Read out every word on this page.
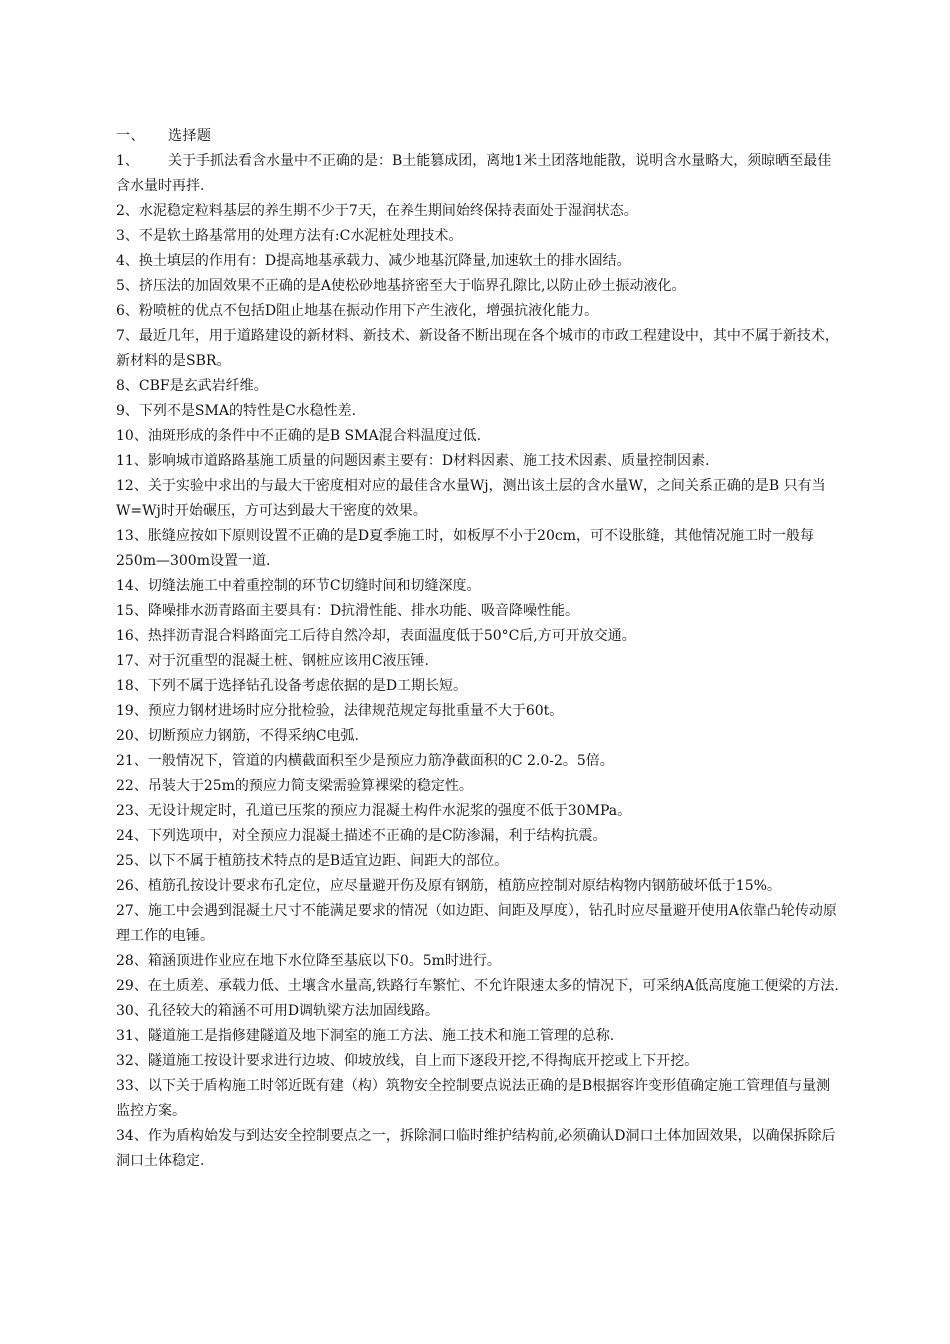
一、 选择题

1、 关于手抓法看含水量中不正确的是：B土能篡成团，离地1米土团落地能散，说明含水量略大，须晾晒至最佳含水量时再拌.

2、水泥稳定粒料基层的养生期不少于7天，在养生期间始终保持表面处于湿润状态。

3、不是软土路基常用的处理方法有:C水泥桩处理技术。

4、换土填层的作用有：D提高地基承载力、减少地基沉降量,加速软土的排水固结。

5、挤压法的加固效果不正确的是A使松砂地基挤密至大于临界孔隙比,以防止砂土振动液化。

6、粉喷桩的优点不包括D阻止地基在振动作用下产生液化，增强抗液化能力。

7、最近几年，用于道路建设的新材料、新技术、新设备不断出现在各个城市的市政工程建设中，其中不属于新技术，新材料的是SBR。

8、CBF是玄武岩纤维。

9、下列不是SMA的特性是C水稳性差.

10、油斑形成的条件中不正确的是B SMA混合料温度过低.

11、影响城市道路路基施工质量的问题因素主要有：D材料因素、施工技术因素、质量控制因素.

12、关于实验中求出的与最大干密度相对应的最佳含水量Wj，测出该土层的含水量W，之间关系正确的是B 只有当W=Wj时开始碾压，方可达到最大干密度的效果。

13、胀缝应按如下原则设置不正确的是D夏季施工时，如板厚不小于20cm，可不设胀缝，其他情况施工时一般每250m—300m设置一道.

14、切缝法施工中着重控制的环节C切缝时间和切缝深度。

15、降噪排水沥青路面主要具有：D抗滑性能、排水功能、吸音降噪性能。

16、热拌沥青混合料路面完工后待自然冷却，表面温度低于50°C后,方可开放交通。

17、对于沉重型的混凝土桩、钢桩应该用C液压锤.

18、下列不属于选择钻孔设备考虑依据的是D工期长短。

19、预应力钢材进场时应分批检验，法律规范规定每批重量不大于60t。

20、切断预应力钢筋，不得采纳C电弧.

21、一般情况下，管道的内横截面积至少是预应力筋净截面积的C 2.0-2。5倍。

22、吊装大于25m的预应力简支梁需验算裸梁的稳定性。

23、无设计规定时，孔道已压浆的预应力混凝土构件水泥浆的强度不低于30MPa。

24、下列选项中，对全预应力混凝土描述不正确的是C防渗漏，利于结构抗震。

25、以下不属于植筋技术特点的是B适宜边距、间距大的部位。

26、植筋孔按设计要求布孔定位，应尽量避开伤及原有钢筋，植筋应控制对原结构物内钢筋破坏低于15%。

27、施工中会遇到混凝土尺寸不能满足要求的情况（如边距、间距及厚度），钻孔时应尽量避开使用A依靠凸轮传动原理工作的电锤。

28、箱涵顶进作业应在地下水位降至基底以下0。5m时进行。

29、在土质差、承载力低、土壤含水量高,铁路行车繁忙、不允许限速太多的情况下，可采纳A低高度施工便梁的方法.

30、孔径较大的箱涵不可用D调轨梁方法加固线路。

31、隧道施工是指修建隧道及地下洞室的施工方法、施工技术和施工管理的总称.

32、隧道施工按设计要求进行边坡、仰坡放线，自上而下逐段开挖,不得掏底开挖或上下开挖。

33、以下关于盾构施工时邻近既有建（构）筑物安全控制要点说法正确的是B根据容许变形值确定施工管理值与量测监控方案。

34、作为盾构始发与到达安全控制要点之一，拆除洞口临时维护结构前,必须确认D洞口土体加固效果，以确保拆除后洞口土体稳定.
